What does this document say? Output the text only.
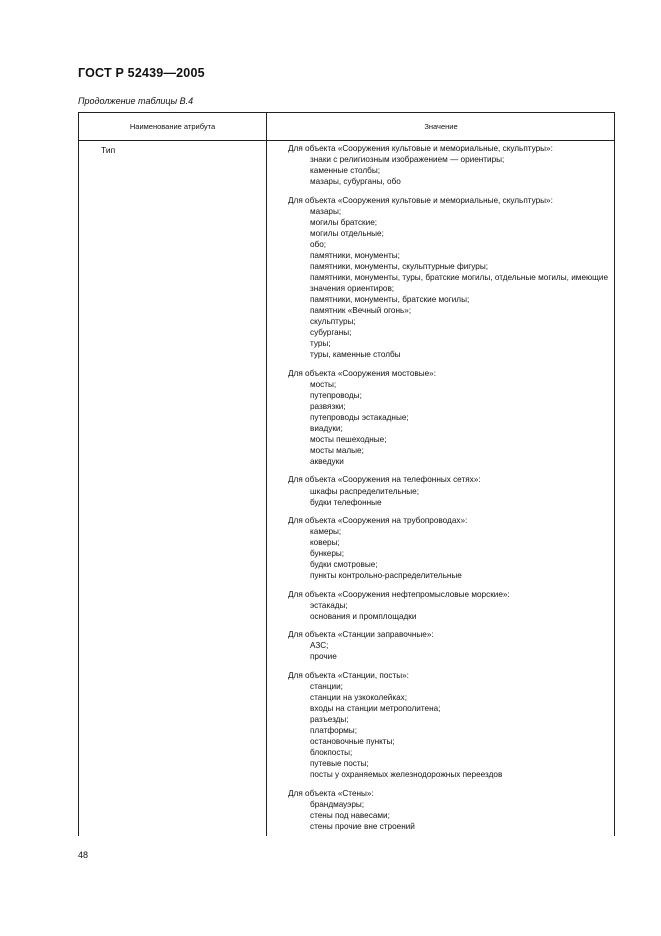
ГОСТ Р 52439—2005
Продолжение таблицы В.4
Наименование атрибута	Значение
Тип	Для объекта «Сооружения культовые и мемориальные, скульптуры»:
знаки с религиозным изображением — ориентиры;
каменные столбы;
мазары, субурганы, обо
Для объекта «Сооружения культовые и мемориальные, скульптуры»:
мазары;
могилы братские;
могилы отдельные;
обо;
памятники, монументы;
памятники, монументы, скульптурные фигуры;
памятники, монументы, туры, братские могилы, отдельные могилы, имеющие значения ориентиров;
памятники, монументы, братские могилы;
памятник «Вечный огонь»;
скульптуры;
субурганы;
туры;
туры, каменные столбы
Для объекта «Сооружения мостовые»:
мосты;
путепроводы;
развязки;
путепроводы эстакадные;
виадуки;
мосты пешеходные;
мосты малые;
акведуки
Для объекта «Сооружения на телефонных сетях»:
шкафы распределительные;
будки телефонные
Для объекта «Сооружения на трубопроводах»:
камеры;
коверы;
бункеры;
будки смотровые;
пункты контрольно-распределительные
Для объекта «Сооружения нефтепромысловые морские»:
эстакады;
основания и промплощадки
Для объекта «Станции заправочные»:
АЗС;
прочие
Для объекта «Станции, посты»:
станции;
станции на узкоколейках;
входы на станции метрополитена;
разъезды;
платформы;
остановочные пункты;
блокпосты;
путевые посты;
посты у охраняемых железнодорожных переездов
Для объекта «Стены»:
брандмауэры;
стены под навесами;
стены прочие вне строений
48
